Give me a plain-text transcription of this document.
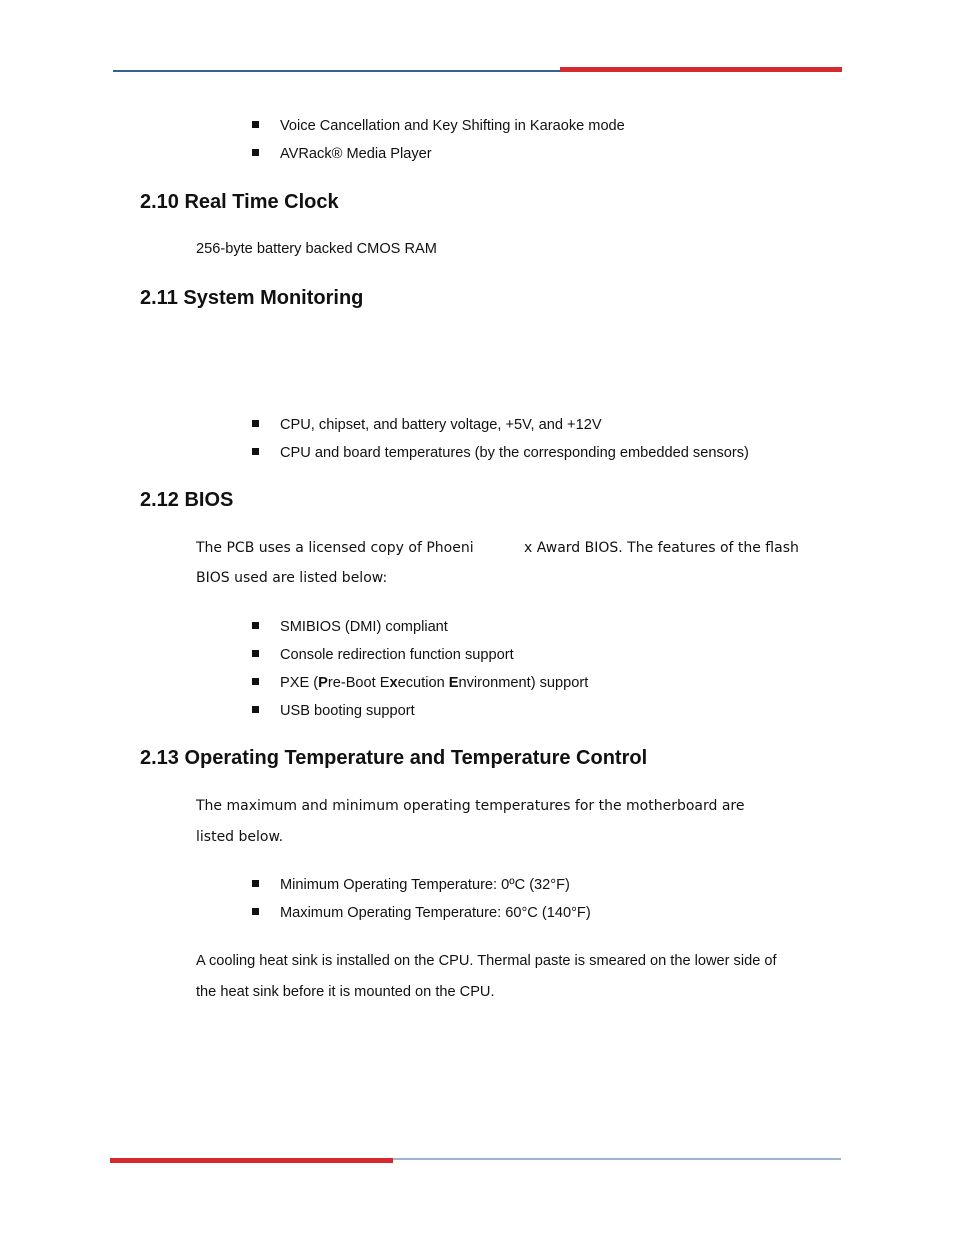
Voice Cancellation and Key Shifting in Karaoke mode
AVRack® Media Player
2.10 Real Time Clock
256-byte battery backed CMOS RAM
2.11 System Monitoring
CPU, chipset, and battery voltage, +5V, and +12V
CPU and board temperatures (by the corresponding embedded sensors)
2.12 BIOS
The PCB uses a licensed copy of Phoeni	x Award BIOS. The features of the flash
BIOS used are listed below:
SMIBIOS (DMI) compliant
Console redirection function support
PXE (Pre-Boot Execution Environment) support
USB booting support
2.13 Operating Temperature and Temperature Control
The maximum and minimum operating temperatures for the motherboard are
listed below.
Minimum Operating Temperature: 0ºC (32°F)
Maximum Operating Temperature: 60°C (140°F)
A cooling heat sink is installed on the CPU. Thermal paste is smeared on the lower side of
the heat sink before it is mounted on the CPU.
